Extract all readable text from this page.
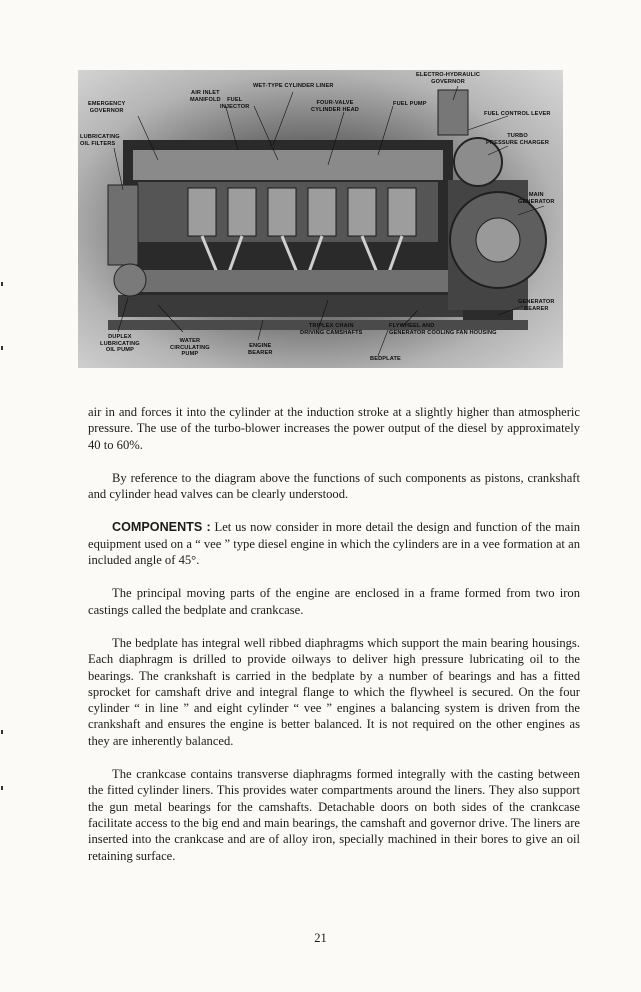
ELECTRO-HYDRAULIC
GOVERNOR
WET-TYPE CYLINDER LINER
AIR INLET
MANIFOLD	FUEL
INJECTOR
FOUR-VALVE
CYLINDER HEAD
FUEL PUMP
EMERGENCY
GOVERNOR
FUEL CONTROL LEVER
LUBRICATING
OIL FILTERS
TURBO
PRESSURE CHARGER
MAIN
GENERATOR
GENERATOR
BEARER
DUPLEX
LUBRICATING
OIL PUMP
WATER
CIRCULATING
PUMP
ENGINE
BEARER
TRIPLEX CHAIN
DRIVING CAMSHAFTS
FLYWHEEL AND
GENERATOR COOLING FAN HOUSING
BEDPLATE

air in and forces it into the cylinder at the induction stroke at a slightly higher than atmospheric pressure. The use of the turbo-blower increases the power output of the diesel by approximately 40 to 60%.

By reference to the diagram above the functions of such components as pistons, crankshaft and cylinder head valves can be clearly understood.

COMPONENTS : Let us now consider in more detail the design and function of the main equipment used on a “ vee ” type diesel engine in which the cylinders are in a vee formation at an included angle of 45°.

The principal moving parts of the engine are enclosed in a frame formed from two iron castings called the bedplate and crankcase.

The bedplate has integral well ribbed diaphragms which support the main bearing housings. Each diaphragm is drilled to provide oilways to deliver high pressure lubricating oil to the bearings. The crankshaft is carried in the bedplate by a number of bearings and has a fitted sprocket for camshaft drive and integral flange to which the flywheel is secured. On the four cylinder “ in line ” and eight cylinder “ vee ” engines a balancing system is driven from the crankshaft and ensures the engine is better balanced. It is not required on the other engines as they are inherently balanced.

The crankcase contains transverse diaphragms formed integrally with the casting between the fitted cylinder liners. This provides water compartments around the liners. They also support the gun metal bearings for the camshafts. Detachable doors on both sides of the crankcase facilitate access to the big end and main bearings, the camshaft and governor drive. The liners are inserted into the crankcase and are of alloy iron, specially machined in their bores to give an oil retaining surface.

21
